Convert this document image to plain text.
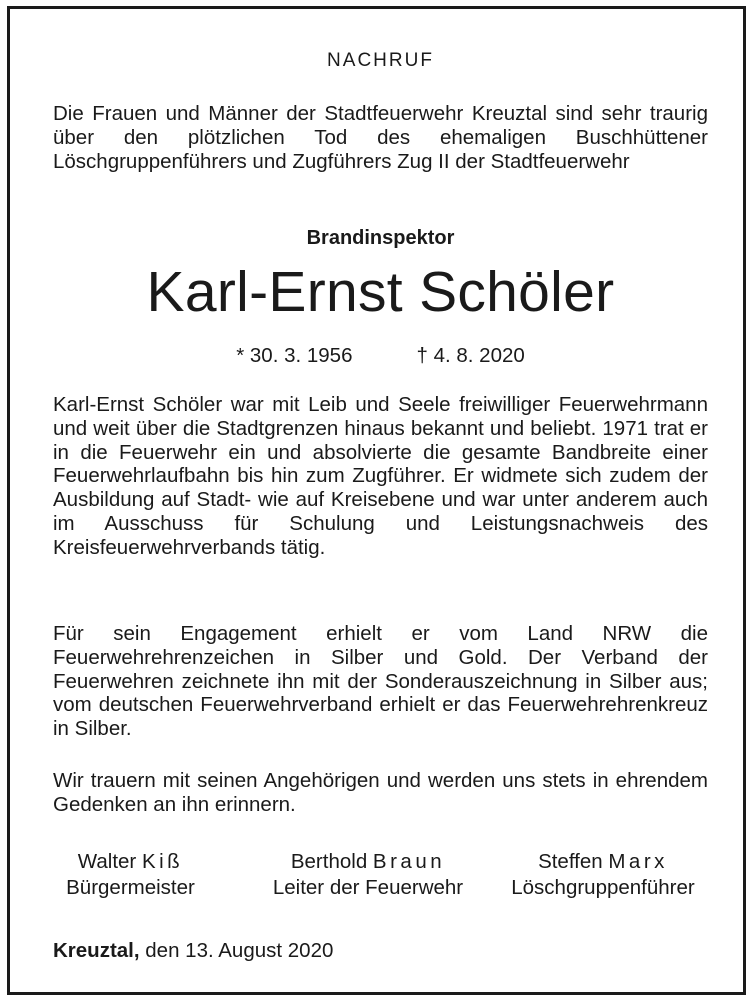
NACHRUF

Die Frauen und Männer der Stadtfeuerwehr Kreuztal sind sehr traurig über den plötzlichen Tod des ehemaligen Buschhüttener Löschgruppenführers und Zugführers Zug II der Stadtfeuerwehr

Brandinspektor
Karl-Ernst Schöler
* 30. 3. 1956	† 4. 8. 2020

Karl-Ernst Schöler war mit Leib und Seele freiwilliger Feuerwehrmann und weit über die Stadtgrenzen hinaus bekannt und beliebt. 1971 trat er in die Feuerwehr ein und absolvierte die gesamte Bandbreite einer Feuerwehrlaufbahn bis hin zum Zugführer. Er widmete sich zudem der Ausbildung auf Stadt- wie auf Kreisebene und war unter anderem auch im Ausschuss für Schulung und Leistungsnachweis des Kreisfeuerwehrverbands tätig.

Für sein Engagement erhielt er vom Land NRW die Feuerwehrehrenzeichen in Silber und Gold. Der Verband der Feuerwehren zeichnete ihn mit der Sonderauszeichnung in Silber aus; vom deutschen Feuerwehrverband erhielt er das Feuerwehrehrenkreuz in Silber.

Wir trauern mit seinen Angehörigen und werden uns stets in ehrendem Gedenken an ihn erinnern.

Walter Kiß
Bürgermeister
Berthold Braun
Leiter der Feuerwehr
Steffen Marx
Löschgruppenführer
Kreuztal, den 13. August 2020
